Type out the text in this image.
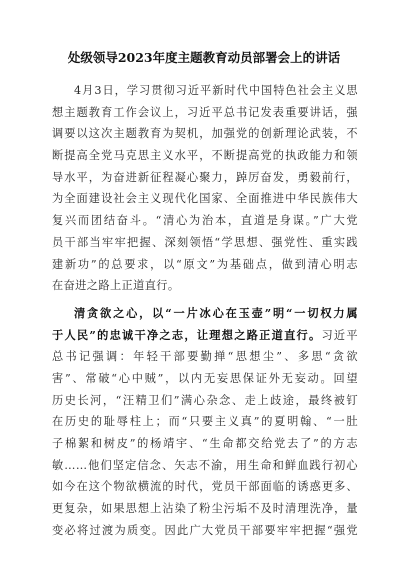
处级领导2023年度主题教育动员部署会上的讲话
4月3日，学习贯彻习近平新时代中国特色社会主义思
想主题教育工作会议上，习近平总书记发表重要讲话，强
调要以这次主题教育为契机，加强党的创新理论武装，不
断提高全党马克思主义水平，不断提高党的执政能力和领
导水平，为奋进新征程凝心聚力，踔厉奋发，勇毅前行，
为全面建设社会主义现代化国家、全面推进中华民族伟大
复兴而团结奋斗。“清心为治本，直道是身谋。”广大党
员干部当牢牢把握、深刻领悟“学思想、强党性、重实践
建新功”的总要求，以“原文”为基础点，做到清心明志
在奋进之路上正道直行。
清贪欲之心，以“一片冰心在玉壶”明“一切权力属
于人民”的忠诚干净之志，让理想之路正道直行。习近平
总书记强调：年轻干部要勤掸“思想尘”、多思“贪欲
害”、常破“心中贼”，以内无妄思保证外无妄动。回望
历史长河，“汪精卫们”满心杂念、走上歧途，最终被钉
在历史的耻辱柱上；而“只要主义真”的夏明翰、“一肚
子棉絮和树皮”的杨靖宇、“生命都交给党去了”的方志
敏……他们坚定信念、矢志不渝，用生命和鲜血践行初心
如今在这个物欲横流的时代，党员干部面临的诱惑更多、
更复杂，如果思想上沾染了粉尘污垢不及时清理洗净，量
变必将过渡为质变。因此广大党员干部要牢牢把握“强党
